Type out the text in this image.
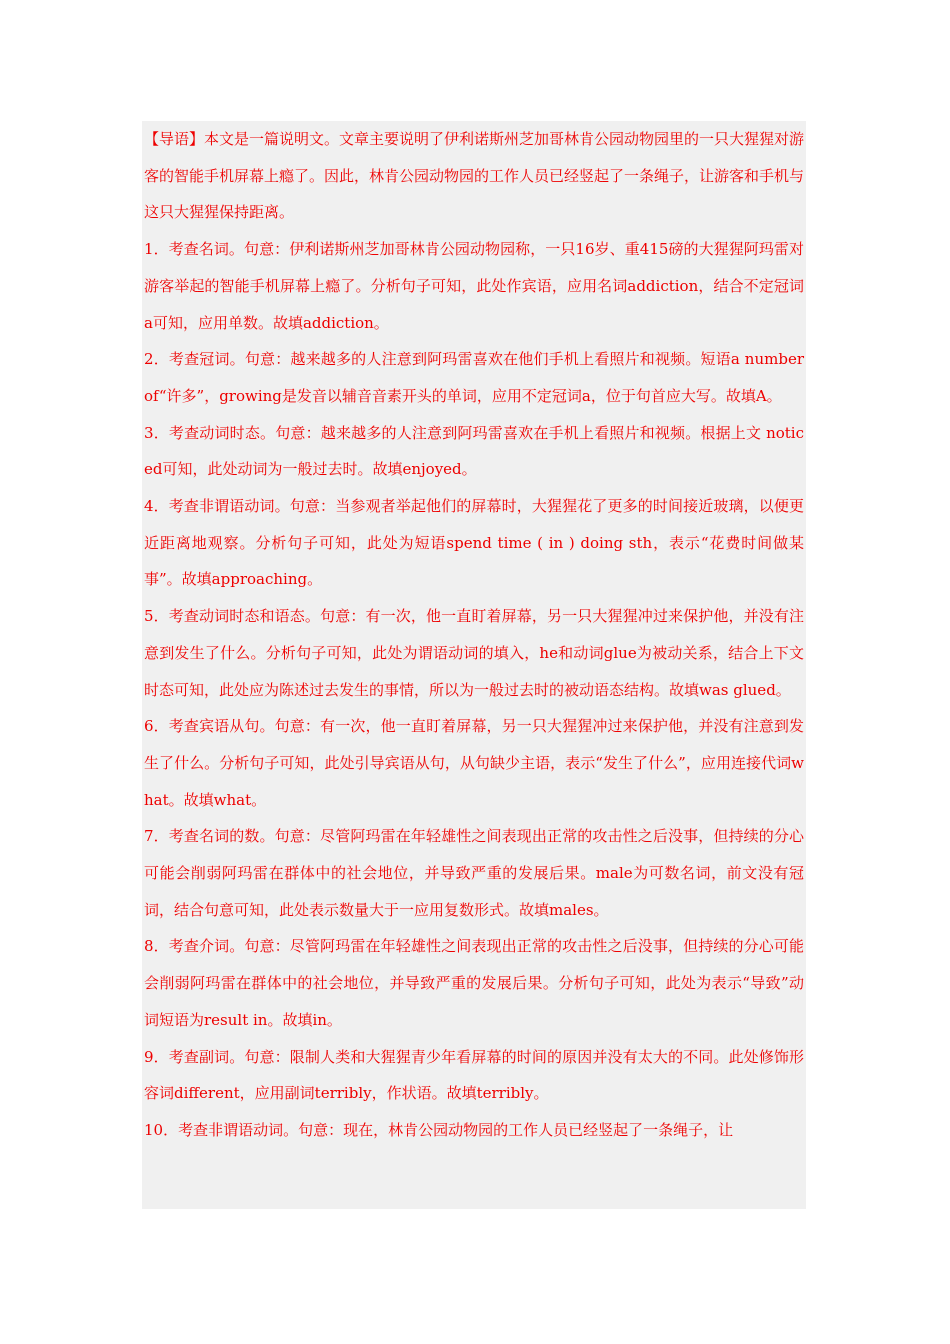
【导语】本文是一篇说明文。文章主要说明了伊利诺斯州芝加哥林肯公园动物园里的一只大猩猩对游客的智能手机屏幕上瘾了。因此，林肯公园动物园的工作人员已经竖起了一条绳子，让游客和手机与这只大猩猩保持距离。

1．考查名词。句意：伊利诺斯州芝加哥林肯公园动物园称，一只16岁、重415磅的大猩猩阿玛雷对游客举起的智能手机屏幕上瘾了。分析句子可知，此处作宾语，应用名词addiction，结合不定冠词a可知，应用单数。故填addiction。

2．考查冠词。句意：越来越多的人注意到阿玛雷喜欢在他们手机上看照片和视频。短语a number of“许多”，growing是发音以辅音音素开头的单词，应用不定冠词a，位于句首应大写。故填A。

3．考查动词时态。句意：越来越多的人注意到阿玛雷喜欢在手机上看照片和视频。根据上文 noticed可知，此处动词为一般过去时。故填enjoyed。

4．考查非谓语动词。句意：当参观者举起他们的屏幕时，大猩猩花了更多的时间接近玻璃，以便更近距离地观察。分析句子可知，此处为短语spend time ( in ) doing sth，表示“花费时间做某事”。故填approaching。

5．考查动词时态和语态。句意：有一次，他一直盯着屏幕，另一只大猩猩冲过来保护他，并没有注意到发生了什么。分析句子可知，此处为谓语动词的填入，he和动词glue为被动关系，结合上下文时态可知，此处应为陈述过去发生的事情，所以为一般过去时的被动语态结构。故填was glued。

6．考查宾语从句。句意：有一次，他一直盯着屏幕，另一只大猩猩冲过来保护他，并没有注意到发生了什么。分析句子可知，此处引导宾语从句，从句缺少主语，表示“发生了什么”，应用连接代词what。故填what。

7．考查名词的数。句意：尽管阿玛雷在年轻雄性之间表现出正常的攻击性之后没事，但持续的分心可能会削弱阿玛雷在群体中的社会地位，并导致严重的发展后果。male为可数名词，前文没有冠词，结合句意可知，此处表示数量大于一应用复数形式。故填males。

8．考查介词。句意：尽管阿玛雷在年轻雄性之间表现出正常的攻击性之后没事，但持续的分心可能会削弱阿玛雷在群体中的社会地位，并导致严重的发展后果。分析句子可知，此处为表示“导致”动词短语为result in。故填in。

9．考查副词。句意：限制人类和大猩猩青少年看屏幕的时间的原因并没有太大的不同。此处修饰形容词different，应用副词terribly，作状语。故填terribly。

10．考查非谓语动词。句意：现在，林肯公园动物园的工作人员已经竖起了一条绳子，让
